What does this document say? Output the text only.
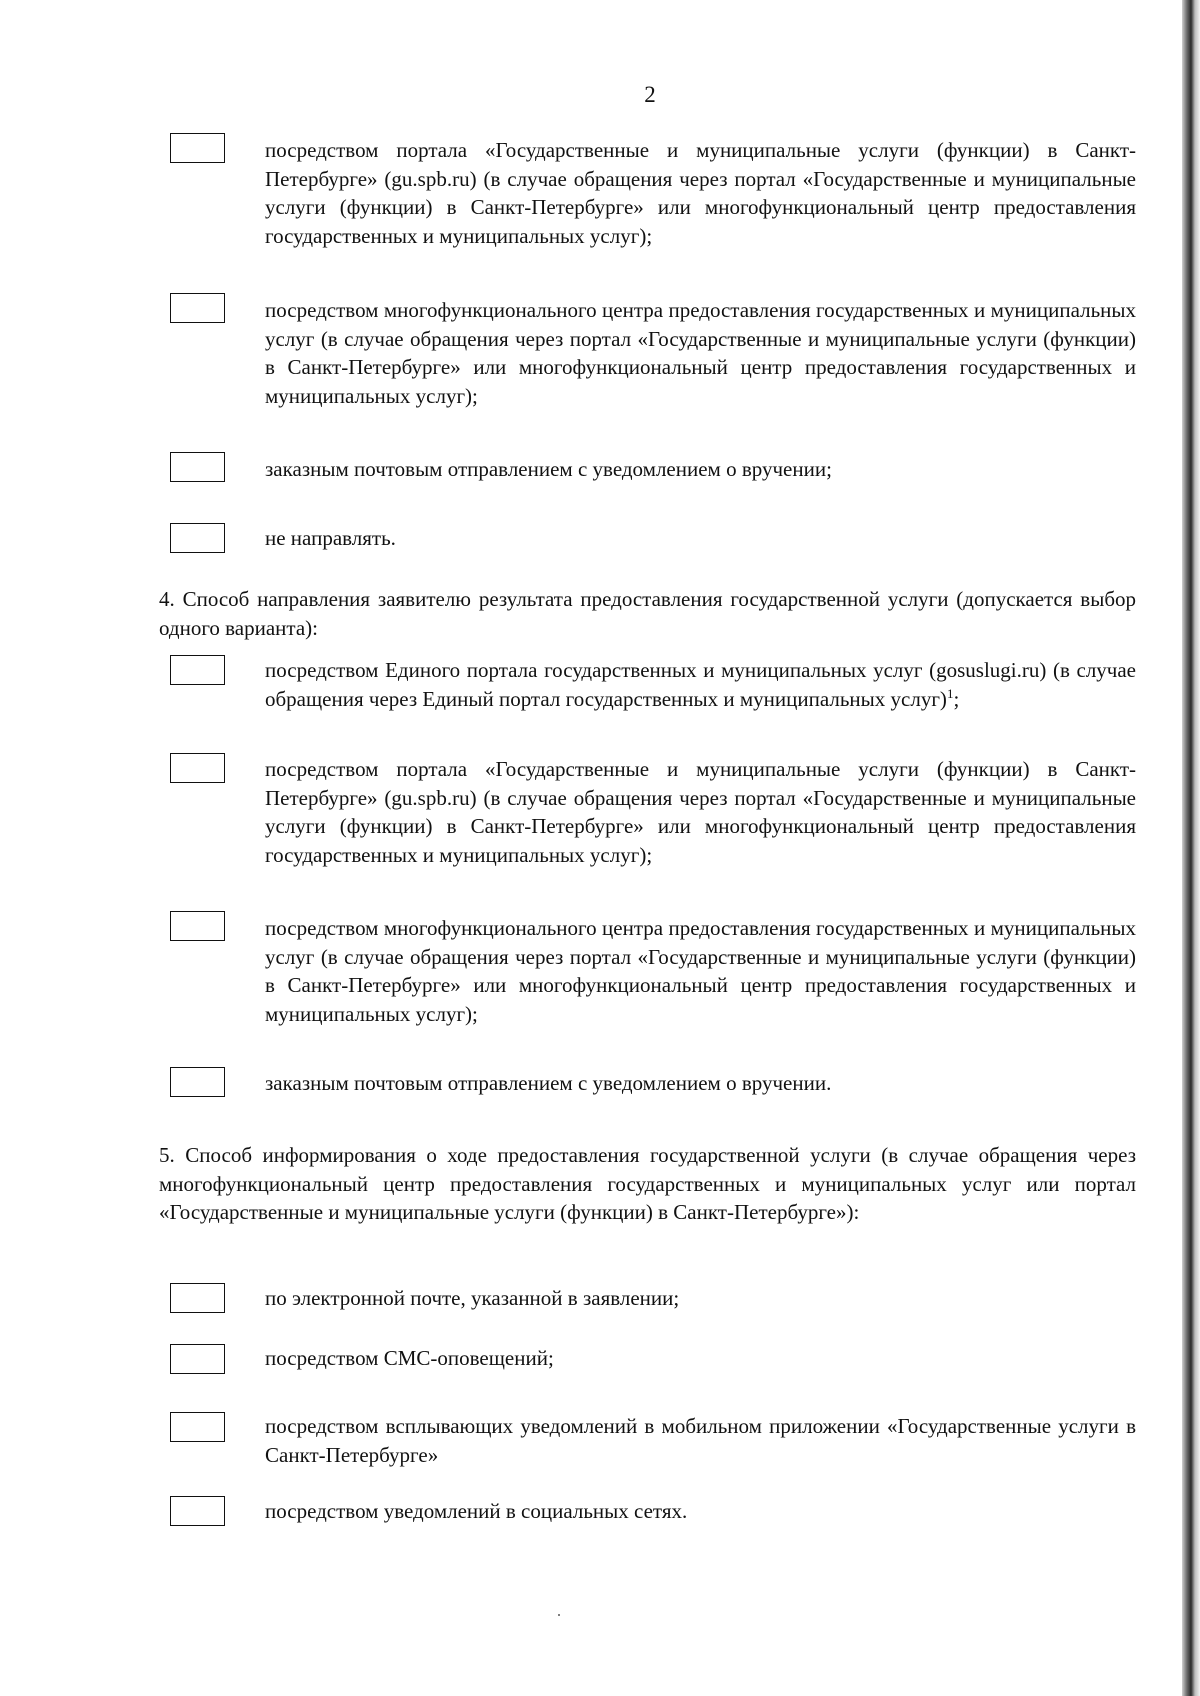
2
посредством портала «Государственные и муниципальные услуги (функции) в Санкт-Петербурге» (gu.spb.ru) (в случае обращения через портал «Государственные и муниципальные услуги (функции) в Санкт-Петербурге» или многофункциональный центр предоставления государственных и муниципальных услуг);
посредством многофункционального центра предоставления государственных и муниципальных услуг (в случае обращения через портал «Государственные и муниципальные услуги (функции) в Санкт-Петербурге» или многофункциональный центр предоставления государственных и муниципальных услуг);
заказным почтовым отправлением с уведомлением о вручении;
не направлять.
4. Способ направления заявителю результата предоставления государственной услуги (допускается выбор одного варианта):
посредством Единого портала государственных и муниципальных услуг (gosuslugi.ru) (в случае обращения через Единый портал государственных и муниципальных услуг)$^1$;
посредством портала «Государственные и муниципальные услуги (функции) в Санкт-Петербурге» (gu.spb.ru) (в случае обращения через портал «Государственные и муниципальные услуги (функции) в Санкт-Петербурге» или многофункциональный центр предоставления государственных и муниципальных услуг);
посредством многофункционального центра предоставления государственных и муниципальных услуг (в случае обращения через портал «Государственные и муниципальные услуги (функции) в Санкт-Петербурге» или многофункциональный центр предоставления государственных и муниципальных услуг);
заказным почтовым отправлением с уведомлением о вручении.
5. Способ информирования о ходе предоставления государственной услуги (в случае обращения через многофункциональный центр предоставления государственных и муниципальных услуг или портал «Государственные и муниципальные услуги (функции) в Санкт-Петербурге»):
по электронной почте, указанной в заявлении;
посредством СМС-оповещений;
посредством всплывающих уведомлений в мобильном приложении «Государственные услуги в Санкт-Петербурге»
посредством уведомлений в социальных сетях.
